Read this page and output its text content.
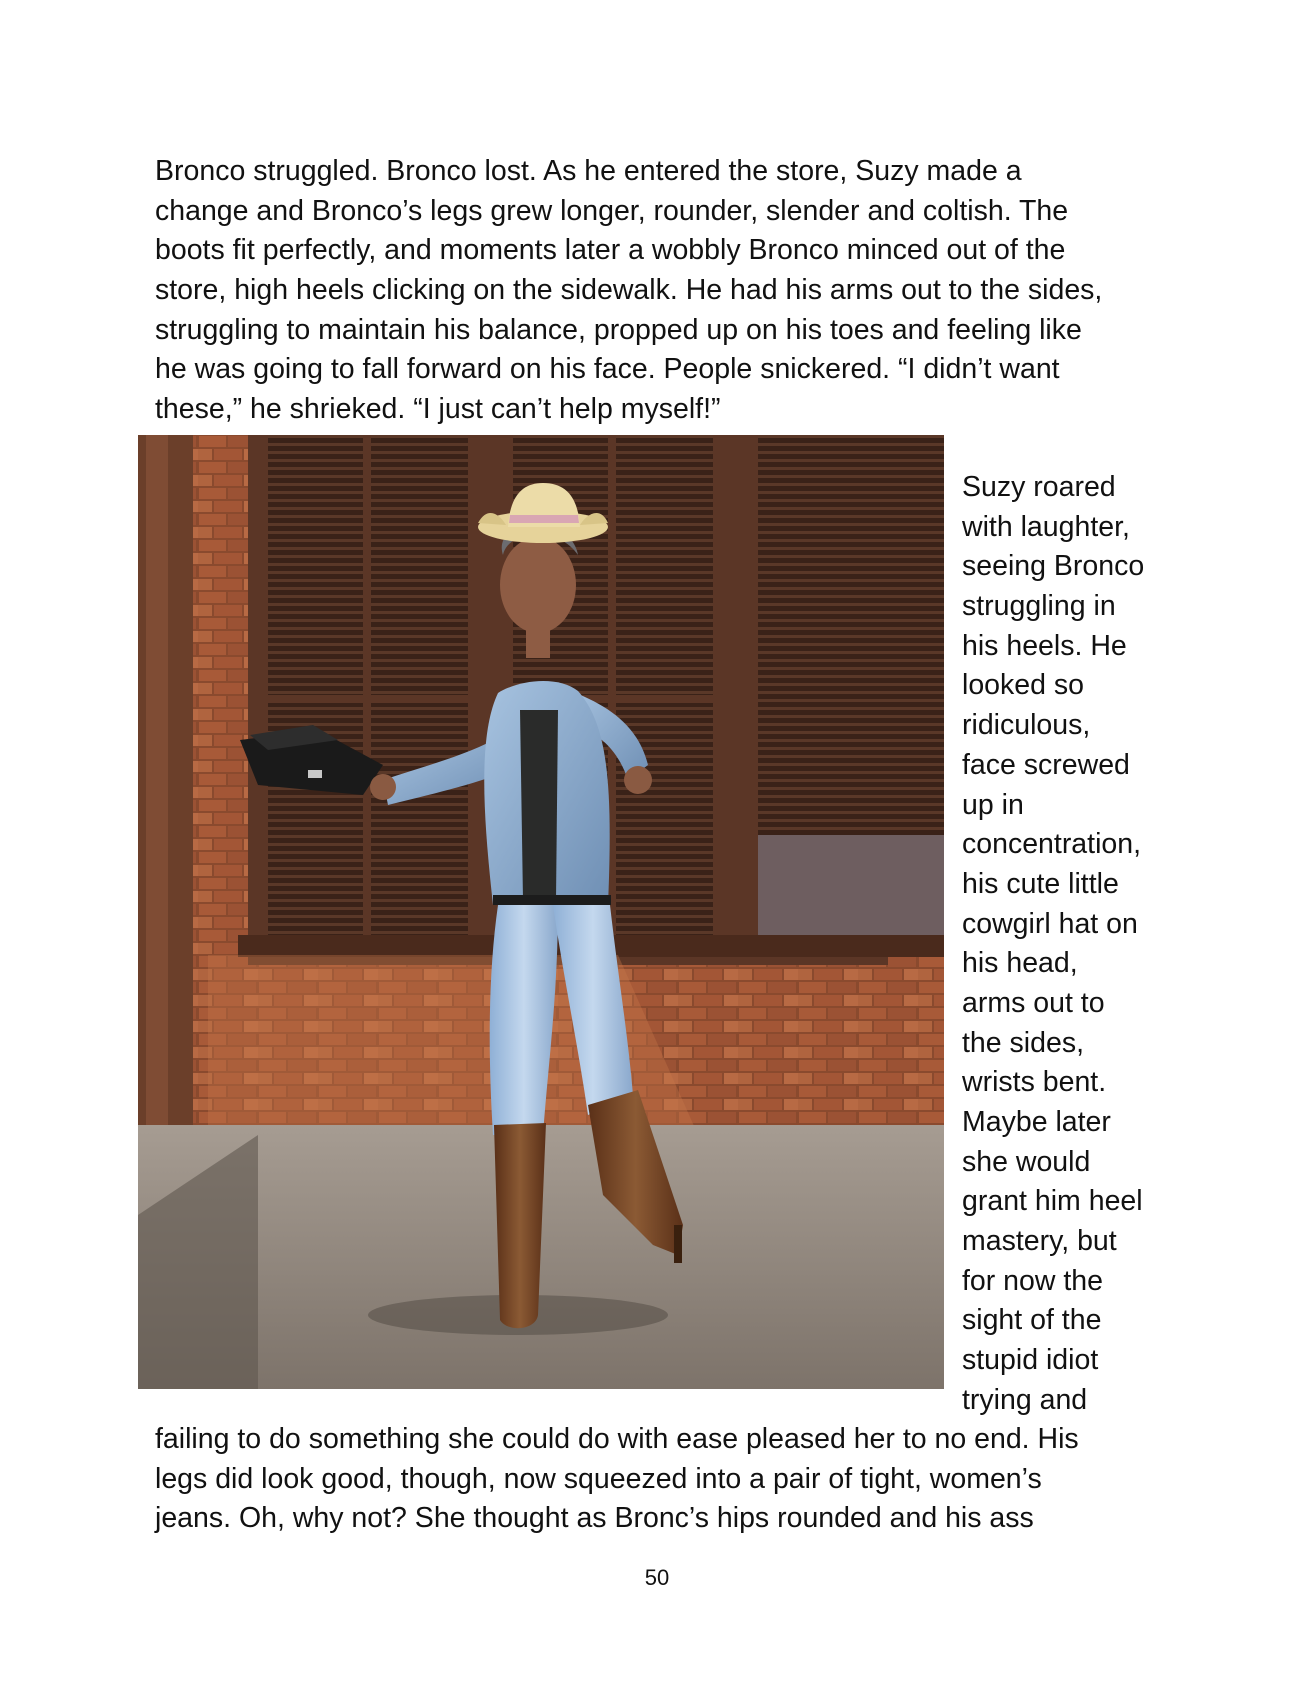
Bronco struggled. Bronco lost. As he entered the store, Suzy made a
change and Bronco’s legs grew longer, rounder, slender and coltish. The
boots fit perfectly, and moments later a wobbly Bronco minced out of the
store, high heels clicking on the sidewalk. He had his arms out to the sides,
struggling to maintain his balance, propped up on his toes and feeling like
he was going to fall forward on his face. People snickered. “I didn’t want
these,” he shrieked. “I just can’t help myself!”
Suzy roared
with laughter,
seeing Bronco
struggling in
his heels. He
looked so
ridiculous,
face screwed
up in
concentration,
his cute little
cowgirl hat on
his head,
arms out to
the sides,
wrists bent.
Maybe later
she would
grant him heel
mastery, but
for now the
sight of the
stupid idiot
trying and
failing to do something she could do with ease pleased her to no end. His
legs did look good, though, now squeezed into a pair of tight, women’s
jeans. Oh, why not? She thought as Bronc’s hips rounded and his ass
50
